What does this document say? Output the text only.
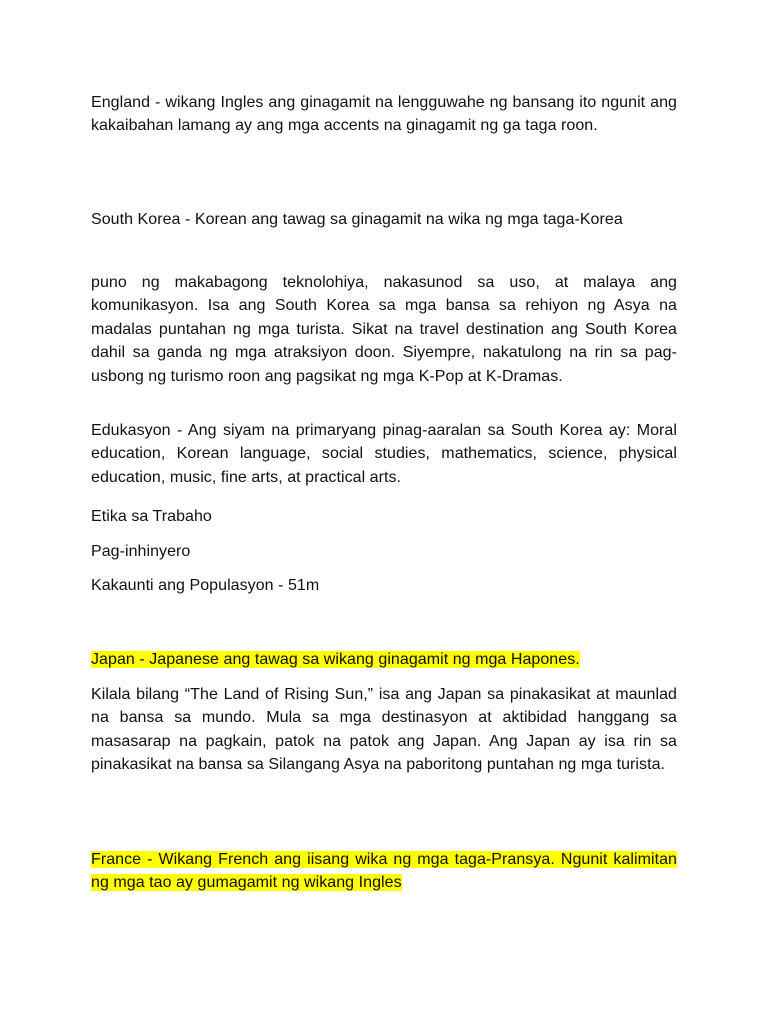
England - wikang Ingles ang ginagamit na lengguwahe ng bansang ito ngunit ang kakaibahan lamang ay ang mga accents na ginagamit ng ga taga roon.

South Korea - Korean ang tawag sa ginagamit na wika ng mga taga-Korea

puno ng makabagong teknolohiya, nakasunod sa uso, at malaya ang komunikasyon. Isa ang South Korea sa mga bansa sa rehiyon ng Asya na madalas puntahan ng mga turista. Sikat na travel destination ang South Korea dahil sa ganda ng mga atraksiyon doon. Siyempre, nakatulong na rin sa pag-usbong ng turismo roon ang pagsikat ng mga K-Pop at K-Dramas.

Edukasyon - Ang siyam na primaryang pinag-aaralan sa South Korea ay: Moral education, Korean language, social studies, mathematics, science, physical education, music, fine arts, at practical arts.

Etika sa Trabaho

Pag-inhinyero

Kakaunti ang Populasyon - 51m

Japan - Japanese ang tawag sa wikang ginagamit ng mga Hapones.

Kilala bilang “The Land of Rising Sun,” isa ang Japan sa pinakasikat at maunlad na bansa sa mundo. Mula sa mga destinasyon at aktibidad hanggang sa masasarap na pagkain, patok na patok ang Japan. Ang Japan ay isa rin sa pinakasikat na bansa sa Silangang Asya na paboritong puntahan ng mga turista.

France - Wikang French ang iisang wika ng mga taga-Pransya. Ngunit kalimitan ng mga tao ay gumagamit ng wikang Ingles
